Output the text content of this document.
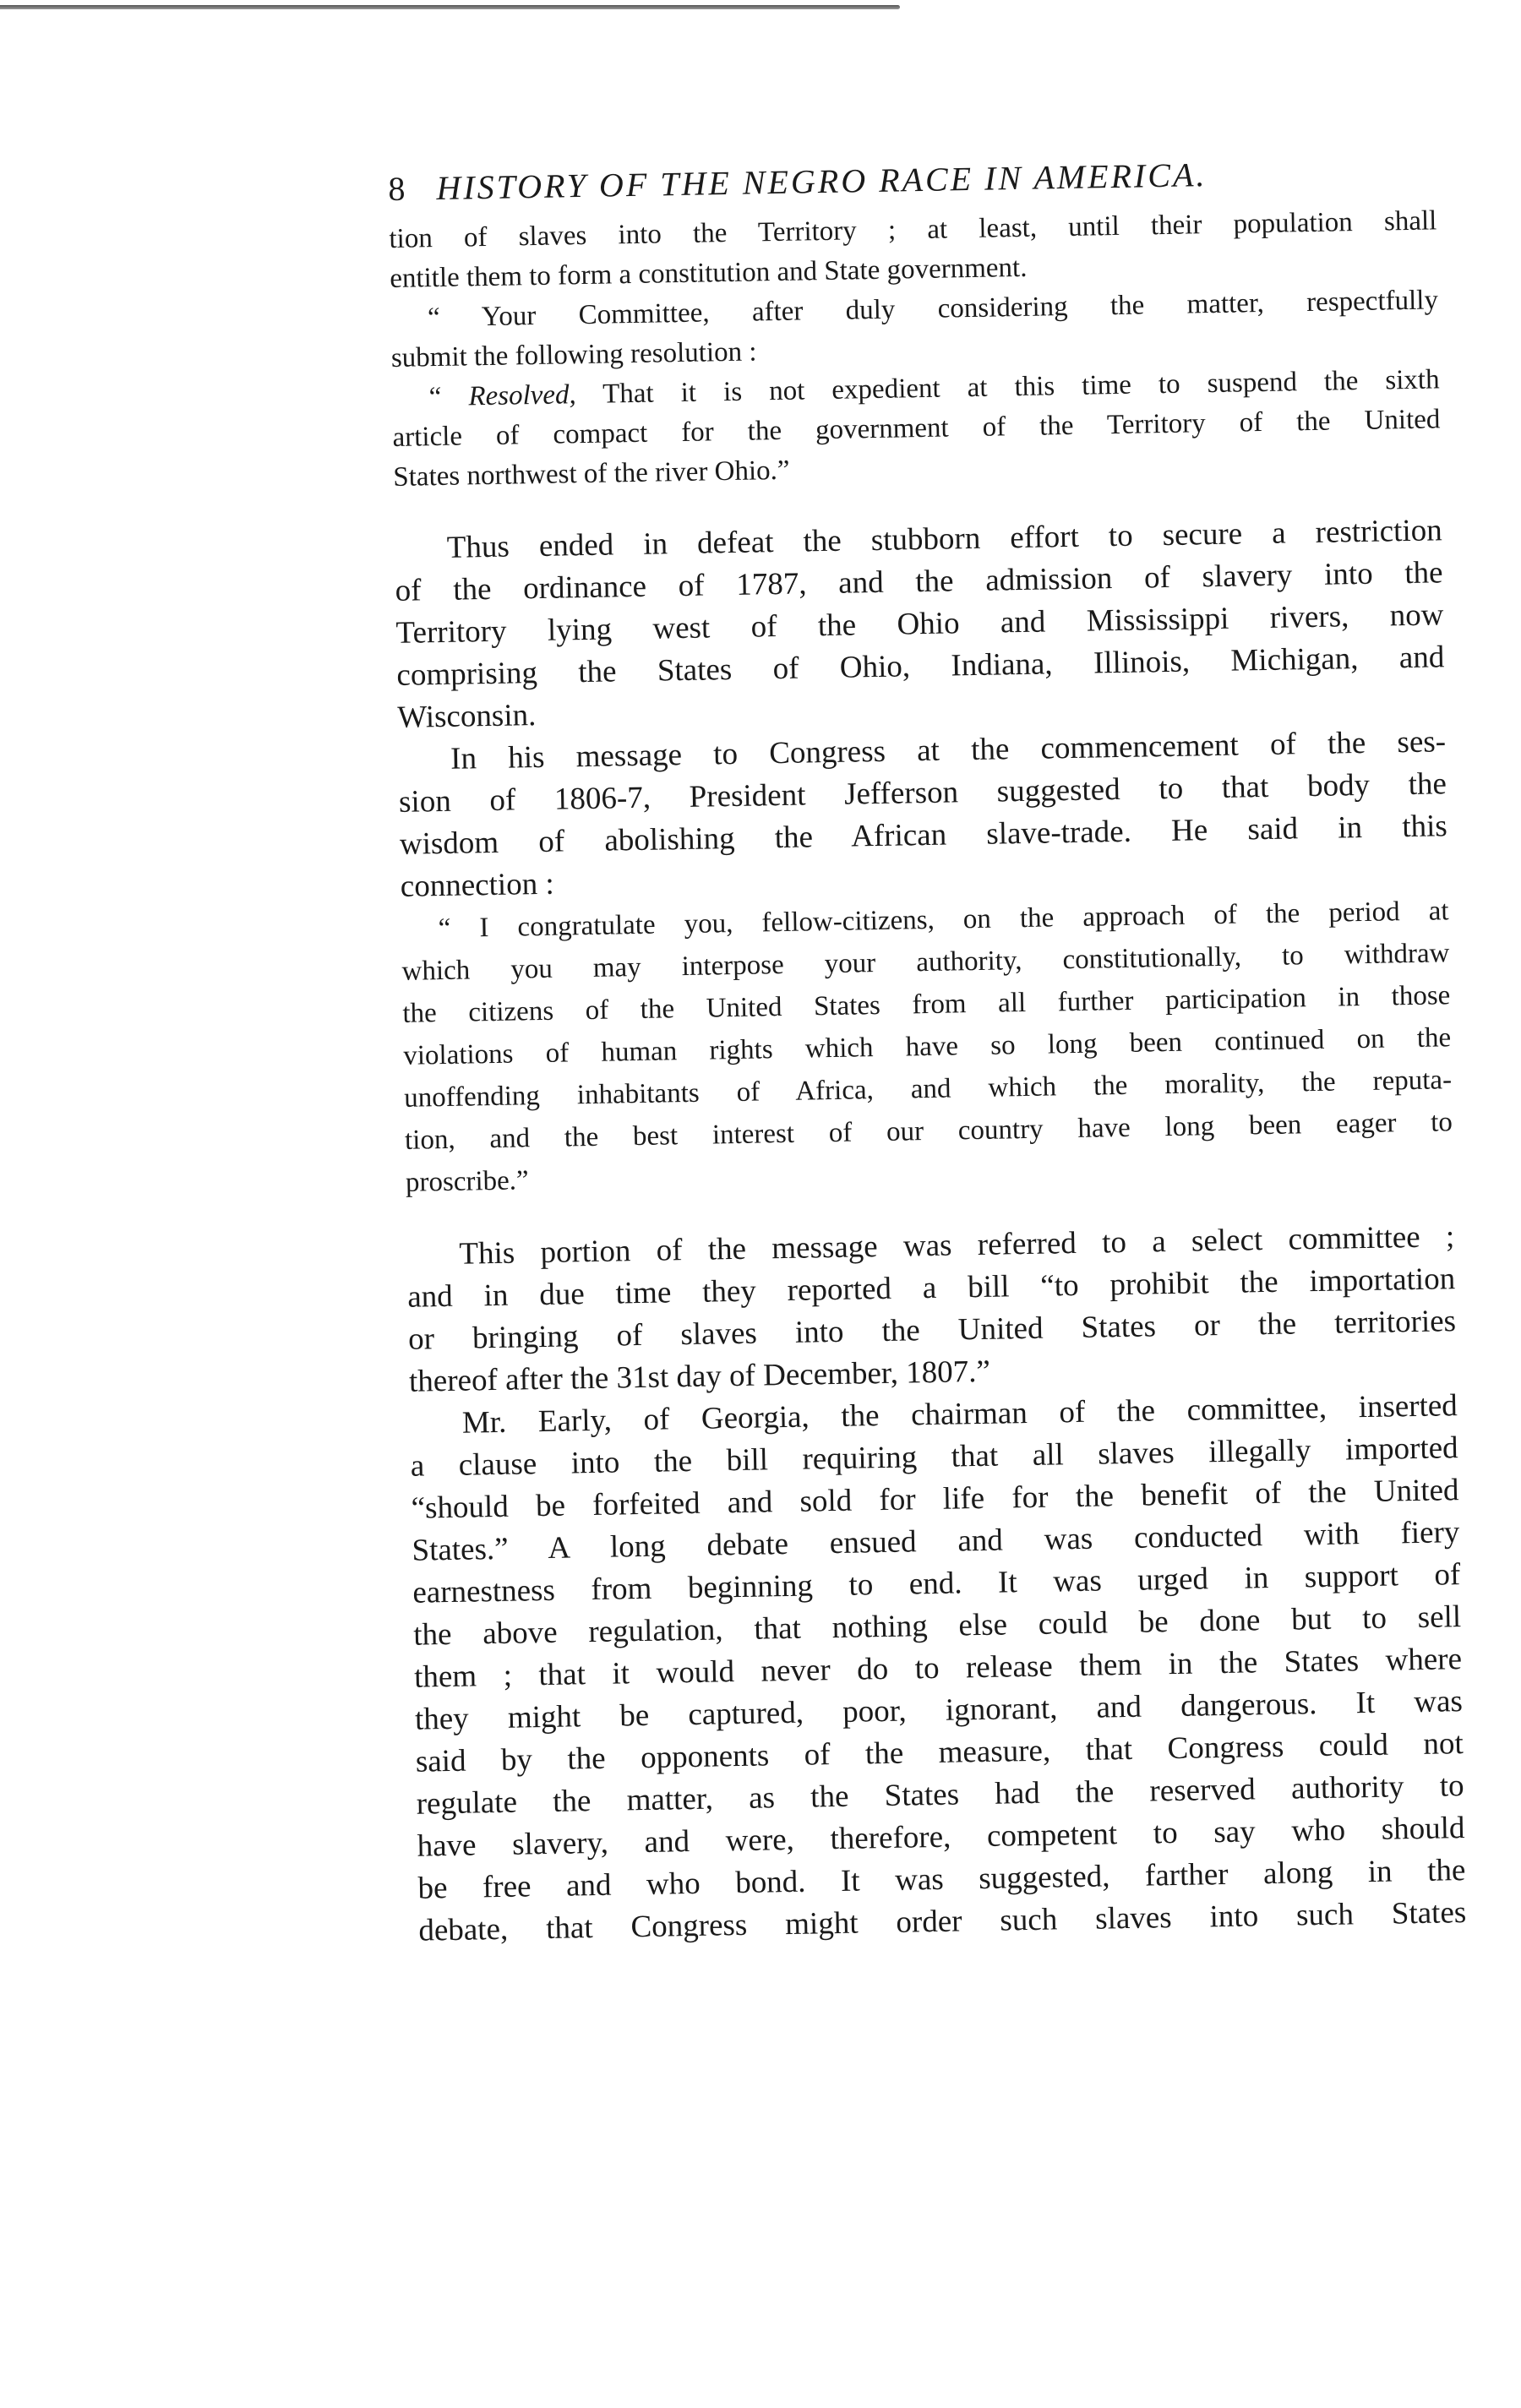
8 HISTORY OF THE NEGRO RACE IN AMERICA.
tion of slaves into the Territory ; at least, until their population shall
entitle them to form a constitution and State government.
“ Your Committee, after duly considering the matter, respectfully
submit the following resolution :
“ Resolved, That it is not expedient at this time to suspend the sixth
article of compact for the government of the Territory of the United
States northwest of the river Ohio.”
Thus ended in defeat the stubborn effort to secure a restriction
of the ordinance of 1787, and the admission of slavery into the
Territory lying west of the Ohio and Mississippi rivers, now
comprising the States of Ohio, Indiana, Illinois, Michigan, and
Wisconsin.
In his message to Congress at the commencement of the ses-
sion of 1806-7, President Jefferson suggested to that body the
wisdom of abolishing the African slave-trade. He said in this
connection :
“ I congratulate you, fellow-citizens, on the approach of the period at
which you may interpose your authority, constitutionally, to withdraw
the citizens of the United States from all further participation in those
violations of human rights which have so long been continued on the
unoffending inhabitants of Africa, and which the morality, the reputa-
tion, and the best interest of our country have long been eager to
proscribe.”
This portion of the message was referred to a select committee ;
and in due time they reported a bill “to prohibit the importation
or bringing of slaves into the United States or the territories
thereof after the 31st day of December, 1807.”
Mr. Early, of Georgia, the chairman of the committee, inserted
a clause into the bill requiring that all slaves illegally imported
“should be forfeited and sold for life for the benefit of the United
States.” A long debate ensued and was conducted with fiery
earnestness from beginning to end. It was urged in support of
the above regulation, that nothing else could be done but to sell
them ; that it would never do to release them in the States where
they might be captured, poor, ignorant, and dangerous. It was
said by the opponents of the measure, that Congress could not
regulate the matter, as the States had the reserved authority to
have slavery, and were, therefore, competent to say who should
be free and who bond. It was suggested, farther along in the
debate, that Congress might order such slaves into such States
